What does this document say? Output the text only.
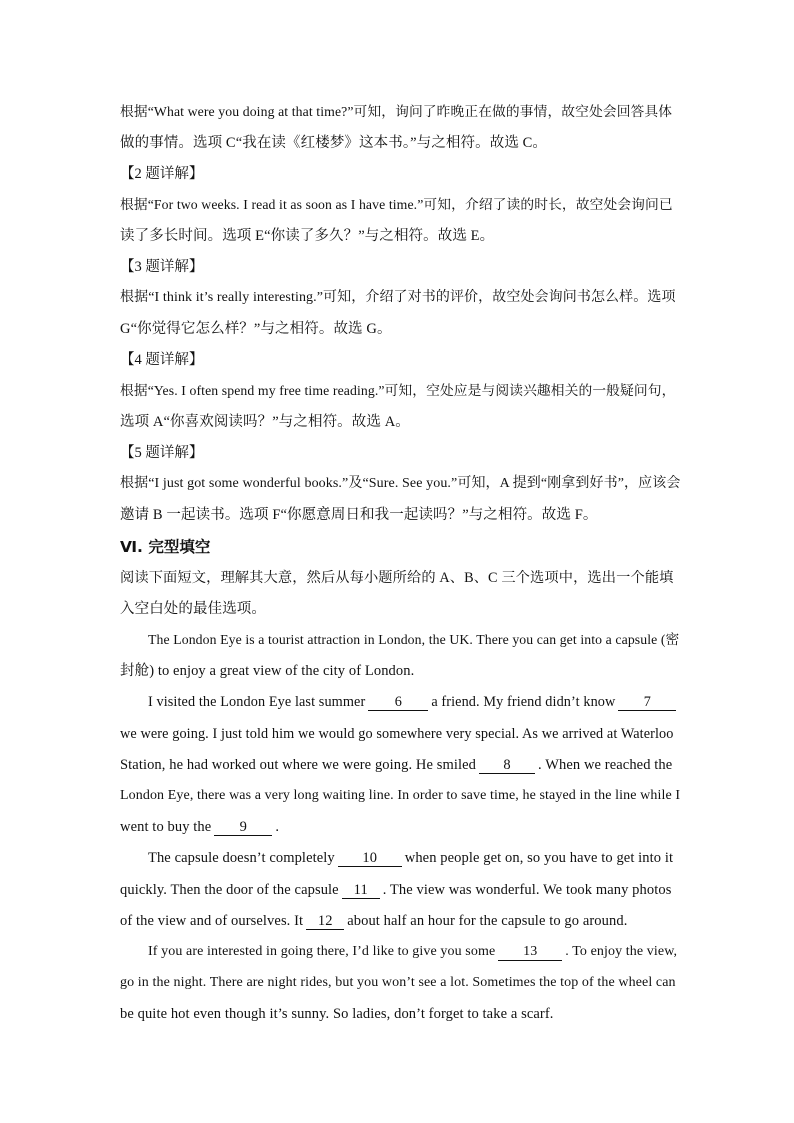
根据“What were you doing at that time?”可知，询问了昨晚正在做的事情，故空处会回答具体
做的事情。选项 C“我在读《红楼梦》这本书。”与之相符。故选 C。
【2 题详解】
根据“For two weeks. I read it as soon as I have time.”可知，介绍了读的时长，故空处会询问已
读了多长时间。选项 E“你读了多久？”与之相符。故选 E。
【3 题详解】
根据“I think it’s really interesting.”可知，介绍了对书的评价，故空处会询问书怎么样。选项
G“你觉得它怎么样？”与之相符。故选 G。
【4 题详解】
根据“Yes. I often spend my free time reading.”可知，空处应是与阅读兴趣相关的一般疑问句，
选项 A“你喜欢阅读吗？”与之相符。故选 A。
【5 题详解】
根据“I just got some wonderful books.”及“Sure. See you.”可知，A 提到“刚拿到好书”，应该会
邀请 B 一起读书。选项 F“你愿意周日和我一起读吗？”与之相符。故选 F。
Ⅵ. 完型填空
阅读下面短文，理解其大意，然后从每小题所给的 A、B、C 三个选项中，选出一个能填
入空白处的最佳选项。
The London Eye is a tourist attraction in London, the UK. There you can get into a capsule (密
封舱) to enjoy a great view of the city of London.
I visited the London Eye last summer 6 a friend. My friend didn’t know 7
we were going. I just told him we would go somewhere very special. As we arrived at Waterloo
Station, he had worked out where we were going. He smiled 8 . When we reached the
London Eye, there was a very long waiting line. In order to save time, he stayed in the line while I
went to buy the 9 .
The capsule doesn’t completely 10 when people get on, so you have to get into it
quickly. Then the door of the capsule 11 . The view was wonderful. We took many photos
of the view and of ourselves. It 12 about half an hour for the capsule to go around.
If you are interested in going there, I’d like to give you some 13 . To enjoy the view,
go in the night. There are night rides, but you won’t see a lot. Sometimes the top of the wheel can
be quite hot even though it’s sunny. So ladies, don’t forget to take a scarf.
